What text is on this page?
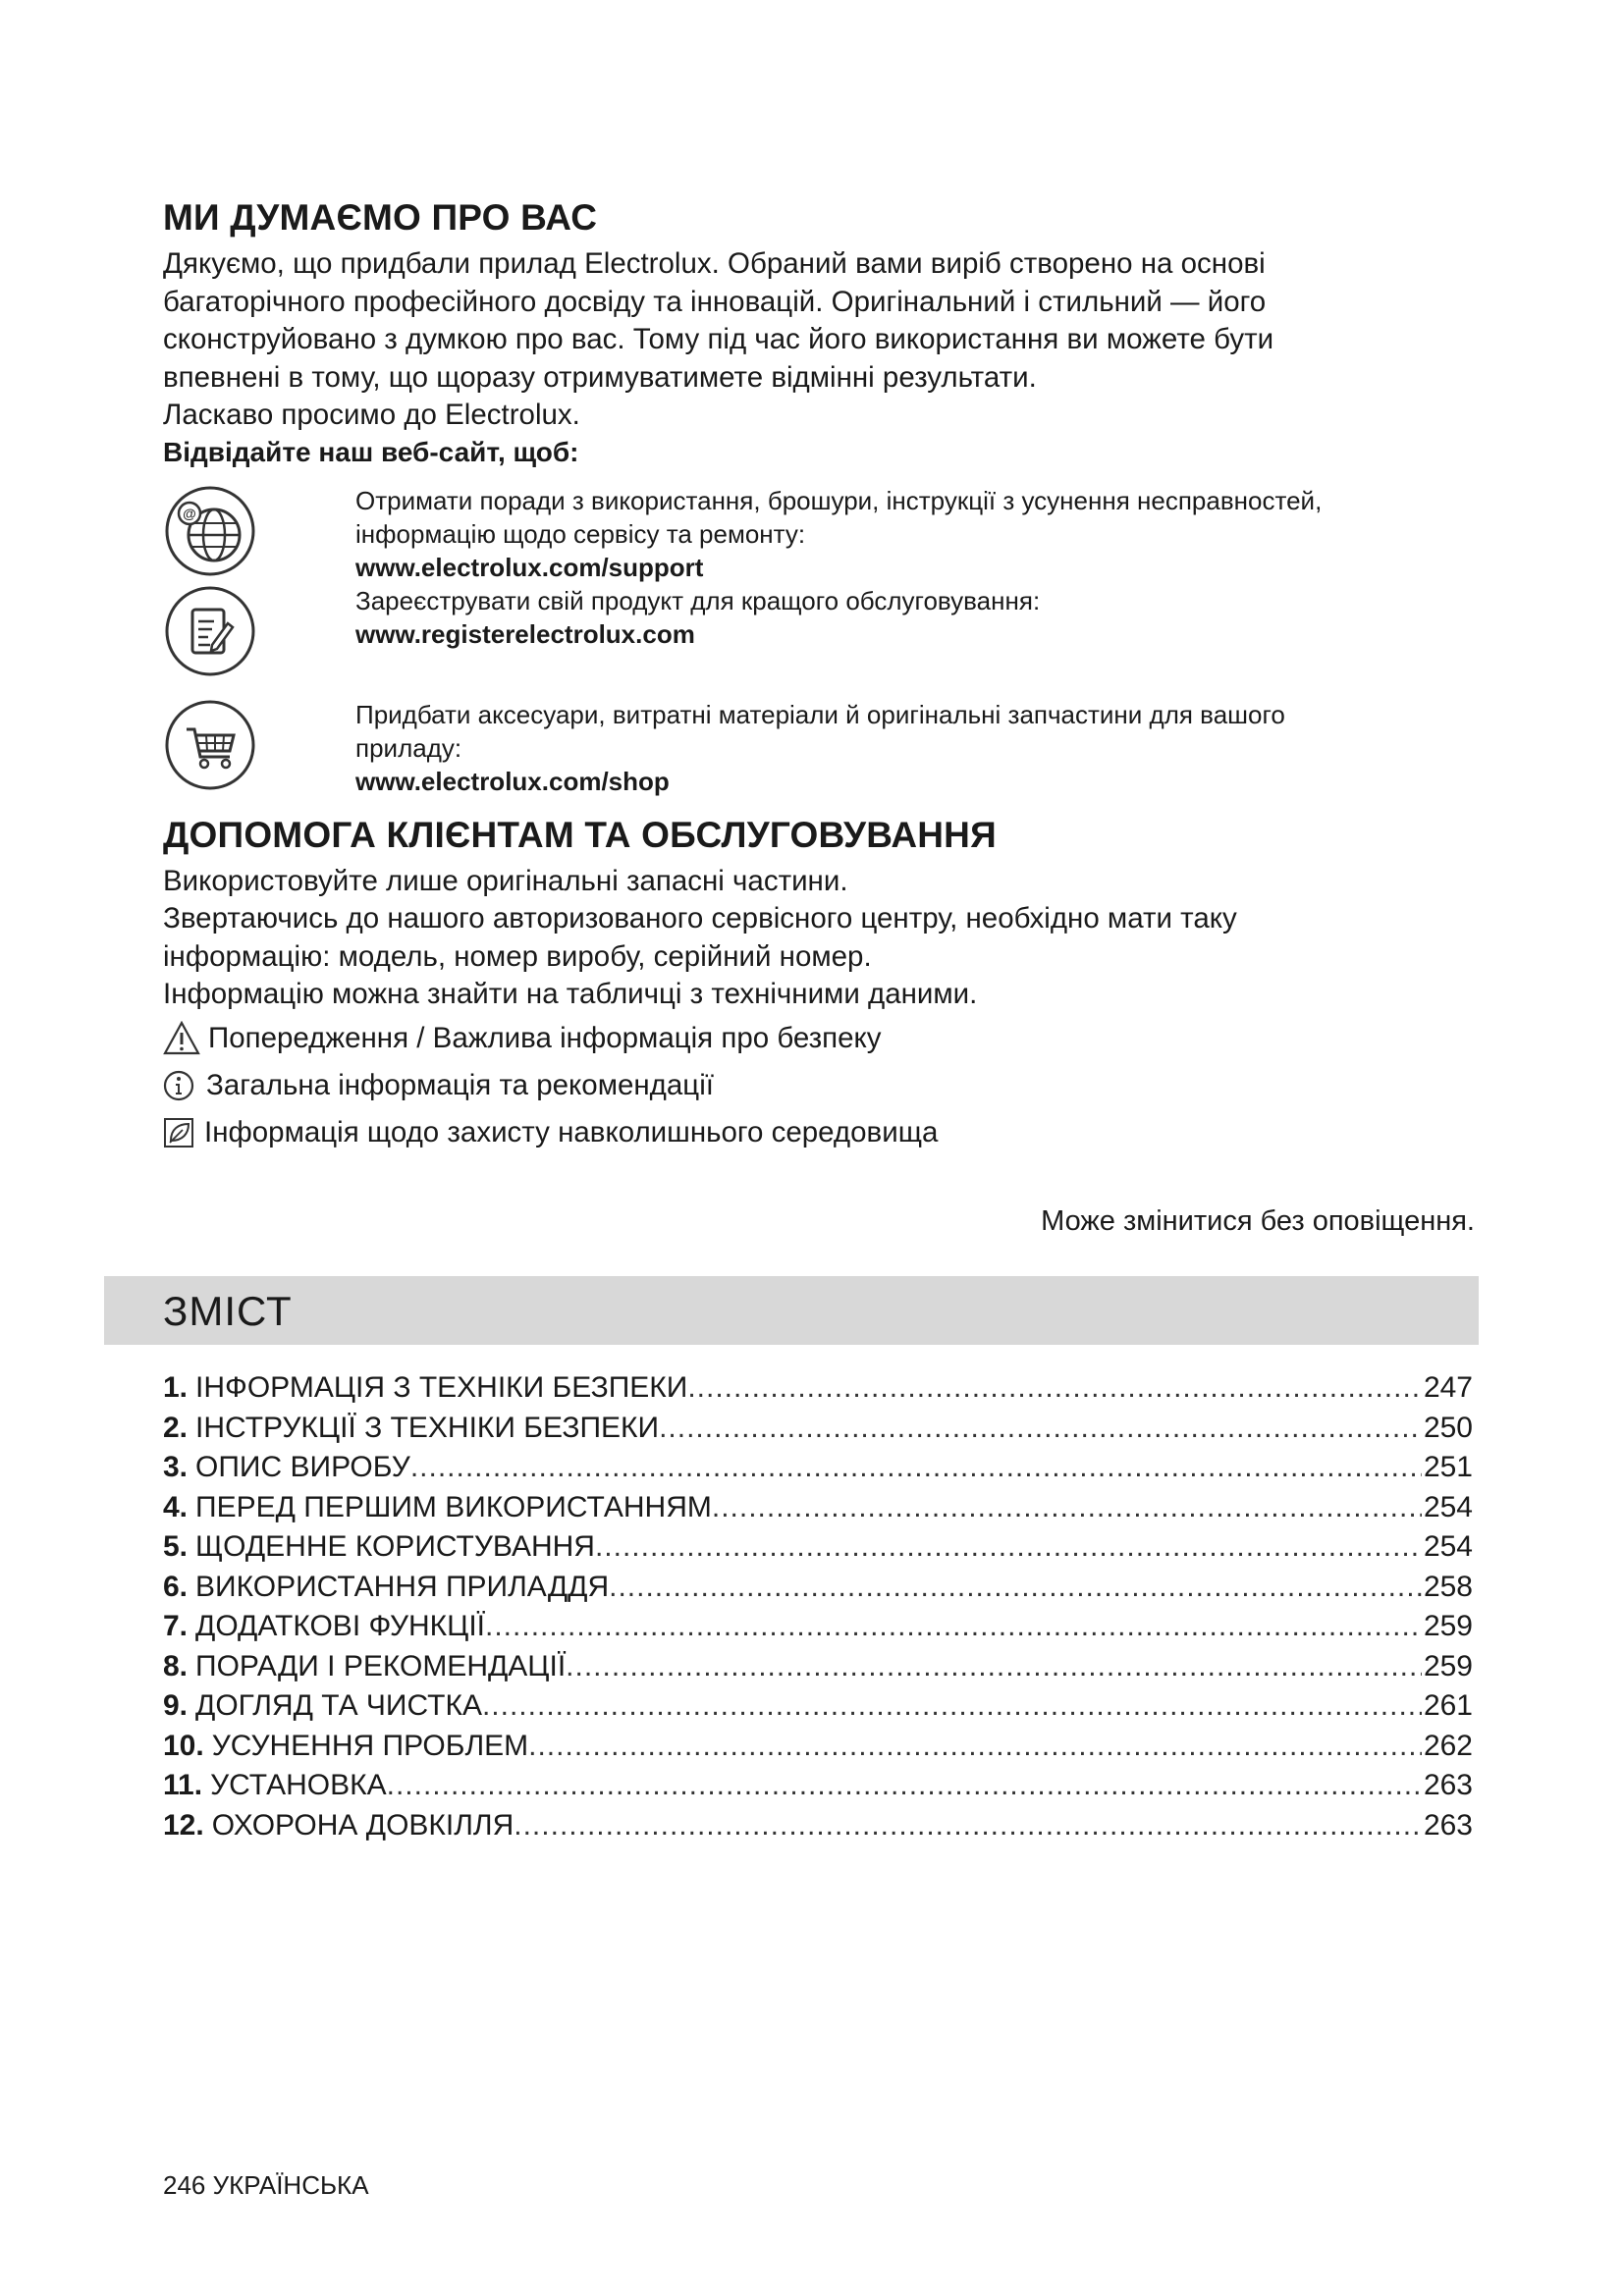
МИ ДУМАЄМО ПРО ВАС

Дякуємо, що придбали прилад Electrolux. Обраний вами виріб створено на основі

багаторічного професійного досвіду та інновацій. Оригінальний і стильний — його

сконструйовано з думкою про вас. Тому під час його використання ви можете бути

впевнені в тому, що щоразу отримуватимете відмінні результати.

Ласкаво просимо до Electrolux.

Відвідайте наш веб-сайт, щоб:

@	Отримати поради з використання, брошури, інструкції з усунення несправностей,
інформацію щодо сервісу та ремонту:
www.electrolux.com/support
Зареєструвати свій продукт для кращого обслуговування:
www.registerelectrolux.com
Придбати аксесуари, витратні матеріали й оригінальні запчастини для вашого
приладу:
www.electrolux.com/shop
ДОПОМОГА КЛІЄНТАМ ТА ОБСЛУГОВУВАННЯ

Використовуйте лише оригінальні запасні частини.

Звертаючись до нашого авторизованого сервісного центру, необхідно мати таку

інформацію: модель, номер виробу, серійний номер.

Інформацію можна знайти на табличці з технічними даними.

Попередження / Важлива інформація про безпеку
Загальна інформація та рекомендації
Інформація щодо захисту навколишнього середовища
Може змінитися без оповіщення.
ЗМІСТ
1. ІНФОРМАЦІЯ З ТЕХНІКИ БЕЗПЕКИ .....	247
2. ІНСТРУКЦІЇ З ТЕХНІКИ БЕЗПЕКИ .....	250
3. ОПИС ВИРОБУ .....	251
4. ПЕРЕД ПЕРШИМ ВИКОРИСТАННЯМ .....	254
5. ЩОДЕННЕ КОРИСТУВАННЯ .....	254
6. ВИКОРИСТАННЯ ПРИЛАДДЯ .....	258
7. ДОДАТКОВІ ФУНКЦІЇ .....	259
8. ПОРАДИ І РЕКОМЕНДАЦІЇ .....	259
9. ДОГЛЯД ТА ЧИСТКА .....	261
10. УСУНЕННЯ ПРОБЛЕМ .....	262
11. УСТАНОВКА .....	263
12. ОХОРОНА ДОВКІЛЛЯ .....	263
246 УКРАЇНСЬКА
